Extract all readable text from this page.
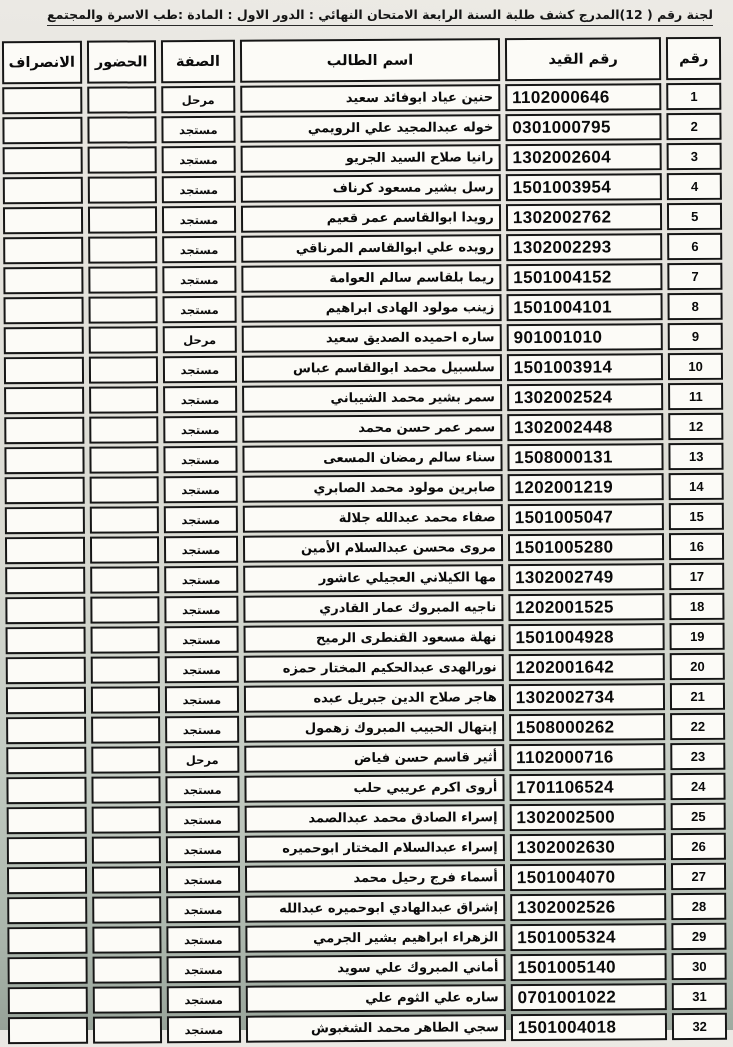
لجنة رقم ( 12)المدرج كشف طلبة السنة الرابعة الامتحان النهائي : الدور الاول : المادة :طب الاسرة والمجتمع
رقم	رقم القيد	اسم الطالب	الصفة	الحضور	الانصراف
1	1102000646	حنين عياد ابوفائد سعيد	مرحل		
2	0301000795	خوله عبدالمجيد علي الرويمي	مستجد		
3	1302002604	رانيا صلاح السيد الجريو	مستجد		
4	1501003954	رسل بشير مسعود كرناف	مستجد		
5	1302002762	رويدا ابوالقاسم عمر قعيم	مستجد		
6	1302002293	رويده علي ابوالقاسم المرناقي	مستجد		
7	1501004152	ريما بلقاسم سالم العوامة	مستجد		
8	1501004101	زينب مولود الهادى ابراهيم	مستجد		
9	901001010	ساره احميده الصديق سعيد	مرحل		
10	1501003914	سلسبيل محمد ابوالقاسم عباس	مستجد		
11	1302002524	سمر بشير محمد الشيباني	مستجد		
12	1302002448	سمر عمر حسن محمد	مستجد		
13	1508000131	سناء سالم رمضان المسعى	مستجد		
14	1202001219	صابرين مولود محمد الصابري	مستجد		
15	1501005047	صفاء محمد عبدالله جلالة	مستجد		
16	1501005280	مروى محسن عبدالسلام الأمين	مستجد		
17	1302002749	مها الكيلاني العجيلي عاشور	مستجد		
18	1202001525	ناجيه المبروك عمار القادري	مستجد		
19	1501004928	نهلة مسعود القنطرى الرميح	مستجد		
20	1202001642	نورالهدى عبدالحكيم المختار حمزه	مستجد		
21	1302002734	هاجر صلاح الدين جبريل عبده	مستجد		
22	1508000262	إبتهال الحبيب المبروك زهمول	مستجد		
23	1102000716	أثير قاسم حسن فياض	مرحل		
24	1701106524	أروى اكرم عريبي حلب	مستجد		
25	1302002500	إسراء الصادق محمد عبدالصمد	مستجد		
26	1302002630	إسراء عبدالسلام المختار ابوحميره	مستجد		
27	1501004070	أسماء فرج رحيل محمد	مستجد		
28	1302002526	إشراق عبدالهادي ابوحميره عبدالله	مستجد		
29	1501005324	الزهراء ابراهيم بشير الجرمي	مستجد		
30	1501005140	أماني المبروك علي سويد	مستجد		
31	0701001022	ساره علي الثوم علي	مستجد		
32	1501004018	سجي الطاهر محمد الشغبوش	مستجد		
